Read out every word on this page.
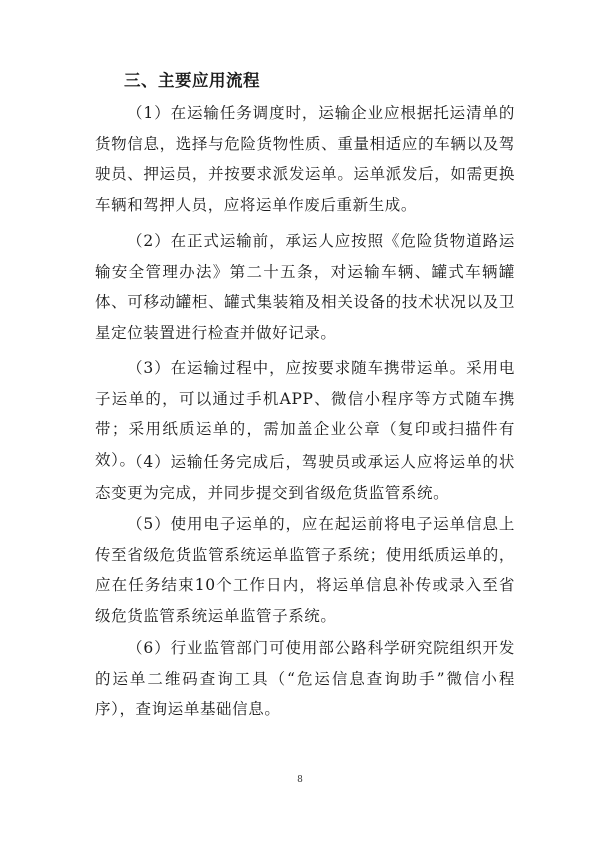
三、主要应用流程

（1）在运输任务调度时，运输企业应根据托运清单的货物信息，选择与危险货物性质、重量相适应的车辆以及驾驶员、押运员，并按要求派发运单。运单派发后，如需更换车辆和驾押人员，应将运单作废后重新生成。

（2）在正式运输前，承运人应按照《危险货物道路运输安全管理办法》第二十五条，对运输车辆、罐式车辆罐体、可移动罐柜、罐式集装箱及相关设备的技术状况以及卫星定位装置进行检查并做好记录。

（3）在运输过程中，应按要求随车携带运单。采用电子运单的，可以通过手机APP、微信小程序等方式随车携带；采用纸质运单的，需加盖企业公章（复印或扫描件有效）。

（4）运输任务完成后，驾驶员或承运人应将运单的状态变更为完成，并同步提交到省级危货监管系统。

（5）使用电子运单的，应在起运前将电子运单信息上传至省级危货监管系统运单监管子系统；使用纸质运单的，应在任务结束10个工作日内，将运单信息补传或录入至省级危货监管系统运单监管子系统。

（6）行业监管部门可使用部公路科学研究院组织开发的运单二维码查询工具（“危运信息查询助手”微信小程序），查询运单基础信息。

8
